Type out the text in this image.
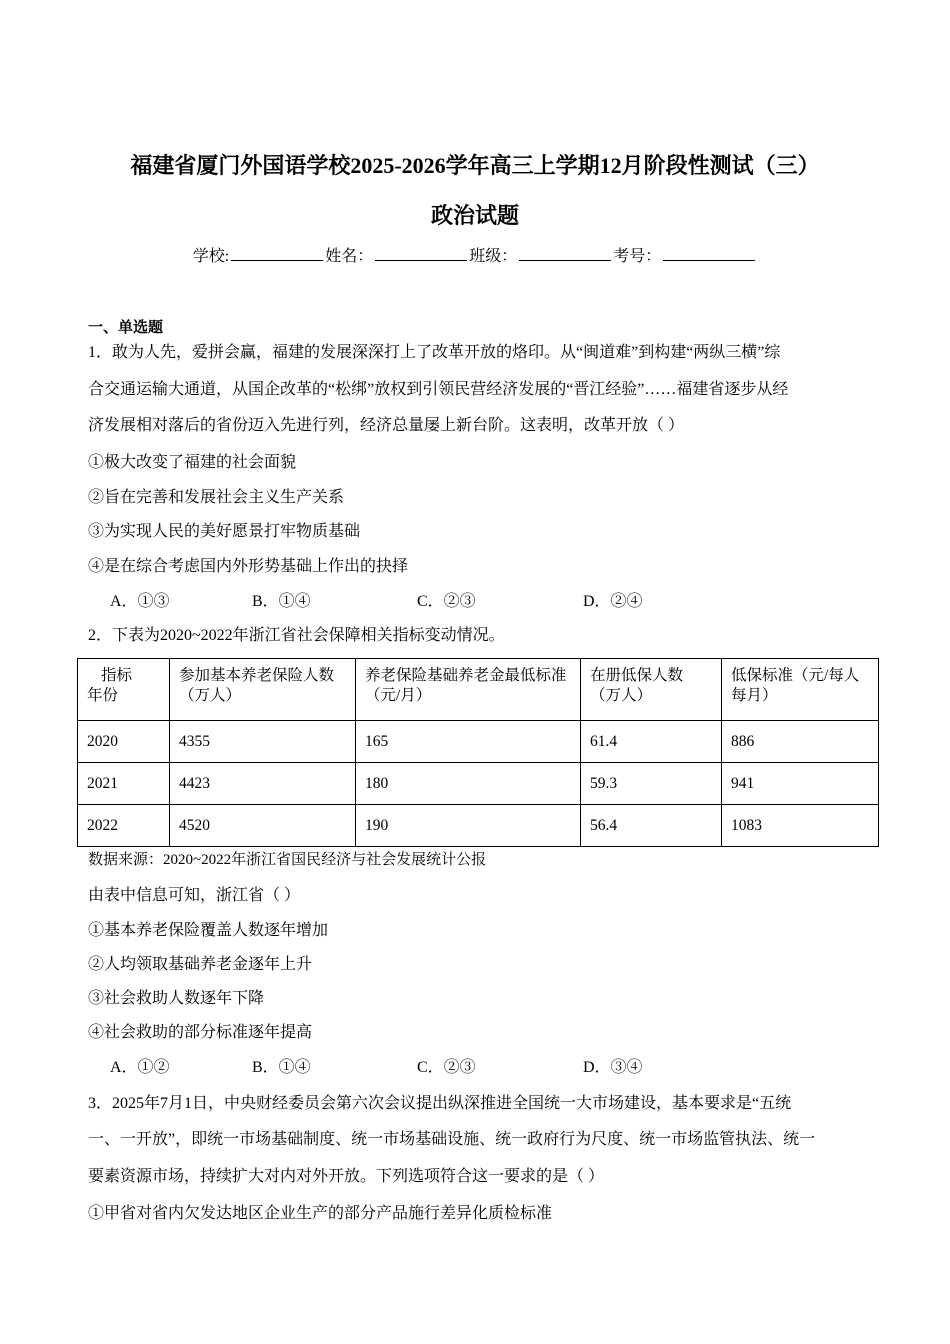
福建省厦门外国语学校2025-2026学年高三上学期12月阶段性测试（三）
政治试题
学校:	姓名：	班级：	考号：
一、单选题
1．敢为人先，爱拼会赢，福建的发展深深打上了改革开放的烙印。从“闽道难”到构建“两纵三横”综
合交通运输大通道，从国企改革的“松绑”放权到引领民营经济发展的“晋江经验”……福建省逐步从经
济发展相对落后的省份迈入先进行列，经济总量屡上新台阶。这表明，改革开放（ ）
①极大改变了福建的社会面貌
②旨在完善和发展社会主义生产关系
③为实现人民的美好愿景打牢物质基础
④是在综合考虑国内外形势基础上作出的抉择
A．①③	B．①④	C．②③	D．②④
2．下表为2020~2022年浙江省社会保障相关指标变动情况。
指标
年份	参加基本养老保险人数（万人）	养老保险基础养老金最低标准（元/月）	在册低保人数（万人）	低保标准（元/每人每月）
2020	4355	165	61.4	886
2021	4423	180	59.3	941
2022	4520	190	56.4	1083
数据来源：2020~2022年浙江省国民经济与社会发展统计公报
由表中信息可知，浙江省（ ）
①基本养老保险覆盖人数逐年增加
②人均领取基础养老金逐年上升
③社会救助人数逐年下降
④社会救助的部分标准逐年提高
A．①②	B．①④	C．②③	D．③④
3．2025年7月1日，中央财经委员会第六次会议提出纵深推进全国统一大市场建设，基本要求是“五统
一、一开放”，即统一市场基础制度、统一市场基础设施、统一政府行为尺度、统一市场监管执法、统一
要素资源市场，持续扩大对内对外开放。下列选项符合这一要求的是（ ）
①甲省对省内欠发达地区企业生产的部分产品施行差异化质检标准
